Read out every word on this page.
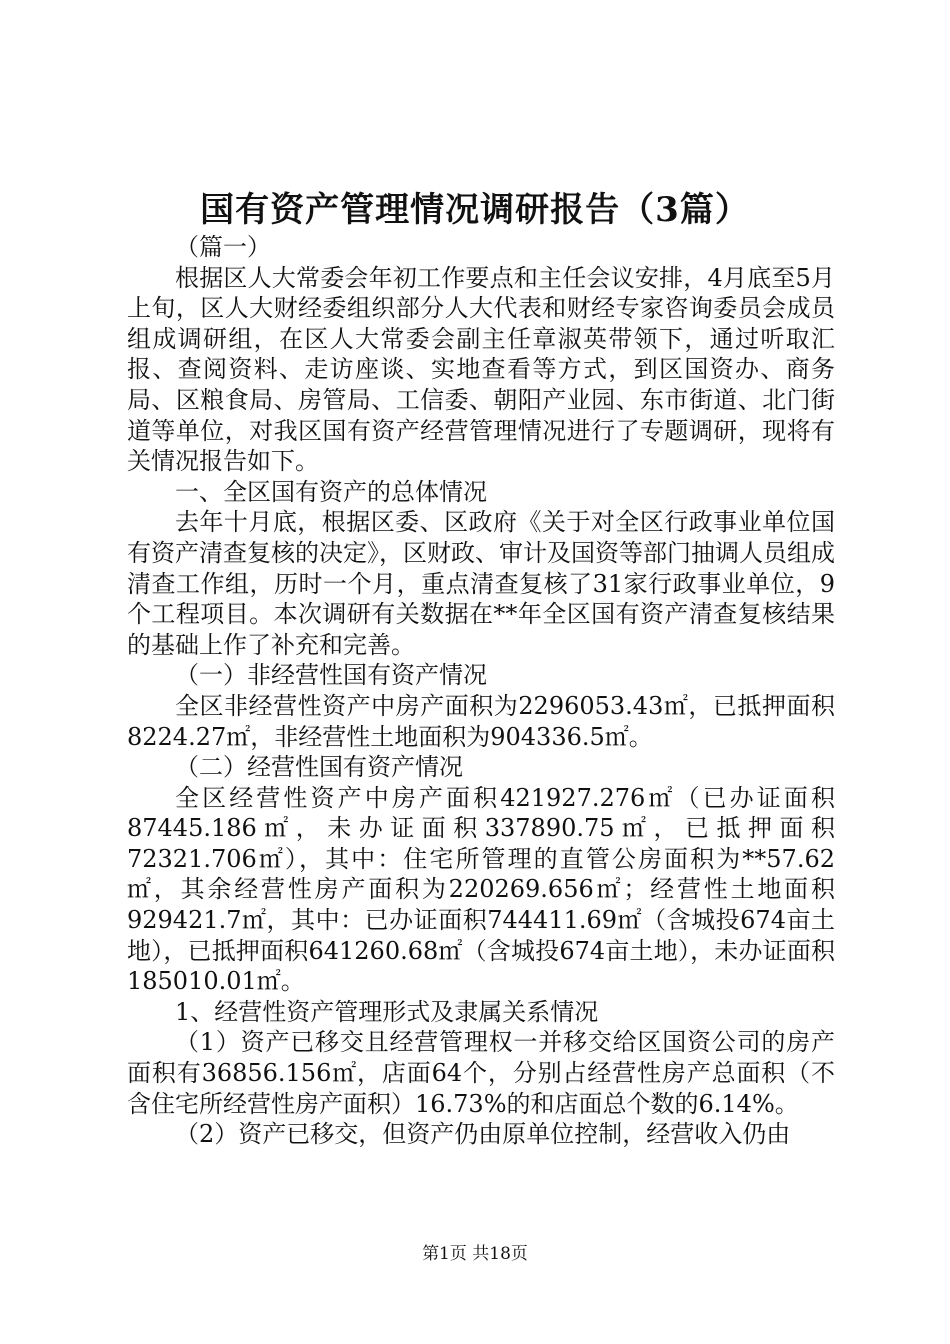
国有资产管理情况调研报告（3篇）

（篇一）

根据区人大常委会年初工作要点和主任会议安排，4月底至5月上旬，区人大财经委组织部分人大代表和财经专家咨询委员会成员组成调研组，在区人大常委会副主任章淑英带领下，通过听取汇报、查阅资料、走访座谈、实地查看等方式，到区国资办、商务局、区粮食局、房管局、工信委、朝阳产业园、东市街道、北门街道等单位，对我区国有资产经营管理情况进行了专题调研，现将有关情况报告如下。

一、全区国有资产的总体情况

去年十月底，根据区委、区政府《关于对全区行政事业单位国有资产清查复核的决定》，区财政、审计及国资等部门抽调人员组成清查工作组，历时一个月，重点清查复核了31家行政事业单位，9个工程项目。本次调研有关数据在**年全区国有资产清查复核结果的基础上作了补充和完善。

（一）非经营性国有资产情况

全区非经营性资产中房产面积为2296053.43㎡，已抵押面积8224.27㎡，非经营性土地面积为904336.5㎡。

（二）经营性国有资产情况

全区经营性资产中房产面积421927.276㎡（已办证面积87445.186㎡，未办证面积337890.75㎡，已抵押面积72321.706㎡），其中：住宅所管理的直管公房面积为**57.62㎡，其余经营性房产面积为220269.656㎡；经营性土地面积929421.7㎡，其中：已办证面积744411.69㎡（含城投674亩土地），已抵押面积641260.68㎡（含城投674亩土地），未办证面积185010.01㎡。

1、经营性资产管理形式及隶属关系情况

（1）资产已移交且经营管理权一并移交给区国资公司的房产面积有36856.156㎡，店面64个，分别占经营性房产总面积（不含住宅所经营性房产面积）16.73%的和店面总个数的6.14%。

（2）资产已移交，但资产仍由原单位控制，经营收入仍由

第1页 共18页
